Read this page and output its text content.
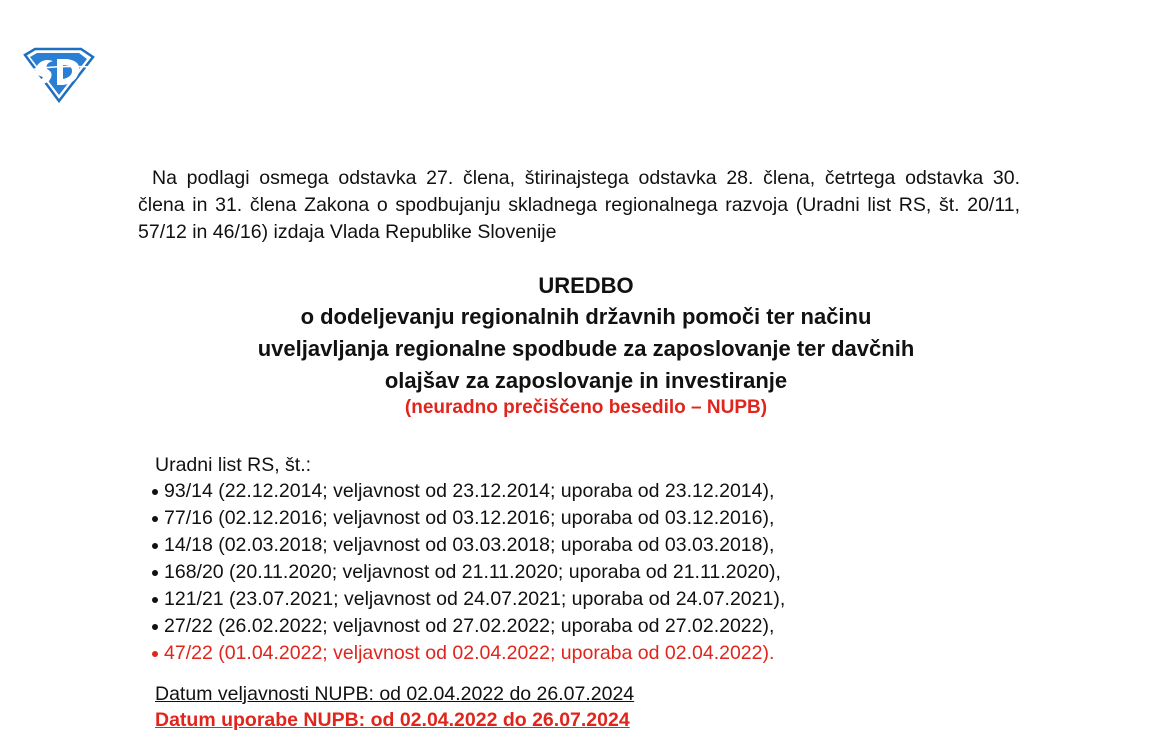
Na podlagi osmega odstavka 27. člena, štirinajstega odstavka 28. člena, četrtega odstavka 30. člena in 31. člena Zakona o spodbujanju skladnega regionalnega razvoja (Uradni list RS, št. 20/11, 57/12 in 46/16) izdaja Vlada Republike Slovenije

UREDBO
o dodeljevanju regionalnih državnih pomoči ter načinu
uveljavljanja regionalne spodbude za zaposlovanje ter davčnih
olajšav za zaposlovanje in investiranje
(neuradno prečiščeno besedilo – NUPB)
Uradni list RS, št.:
93/14 (22.12.2014; veljavnost od 23.12.2014; uporaba od 23.12.2014),
77/16 (02.12.2016; veljavnost od 03.12.2016; uporaba od 03.12.2016),
14/18 (02.03.2018; veljavnost od 03.03.2018; uporaba od 03.03.2018),
168/20 (20.11.2020; veljavnost od 21.11.2020; uporaba od 21.11.2020),
121/21 (23.07.2021; veljavnost od 24.07.2021; uporaba od 24.07.2021),
27/22 (26.02.2022; veljavnost od 27.02.2022; uporaba od 27.02.2022),
47/22 (01.04.2022; veljavnost od 02.04.2022; uporaba od 02.04.2022).
Datum veljavnosti NUPB: od 02.04.2022 do 26.07.2024
Datum uporabe NUPB: od 02.04.2022 do 26.07.2024
